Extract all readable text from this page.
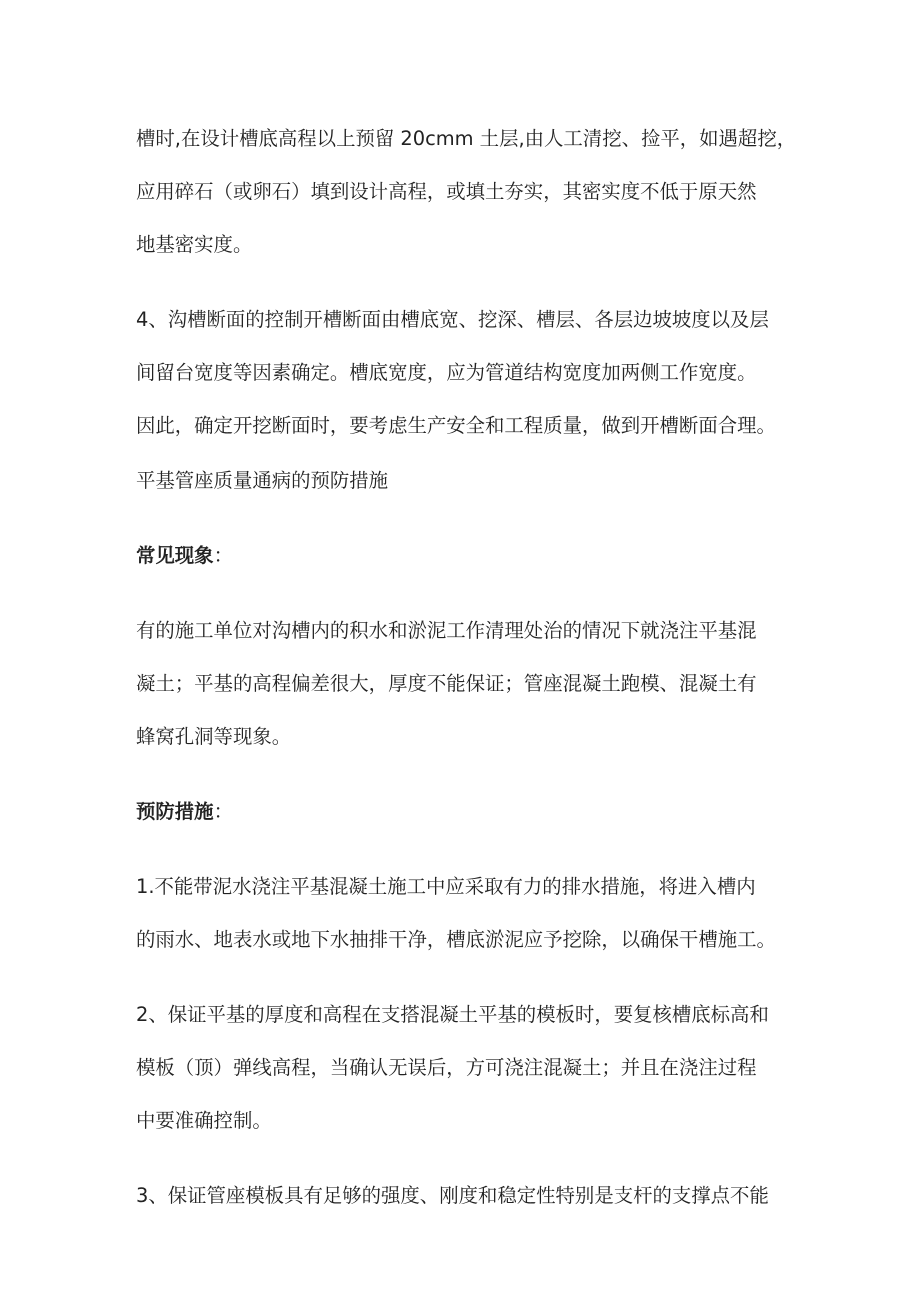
槽时,在设计槽底高程以上预留 20cmm 土层,由人工清挖、捡平，如遇超挖，
应用碎石（或卵石）填到设计高程，或填土夯实，其密实度不低于原天然
地基密实度。
4、沟槽断面的控制开槽断面由槽底宽、挖深、槽层、各层边坡坡度以及层
间留台宽度等因素确定。槽底宽度，应为管道结构宽度加两侧工作宽度。
因此，确定开挖断面时，要考虑生产安全和工程质量，做到开槽断面合理。
平基管座质量通病的预防措施
常见现象：
有的施工单位对沟槽内的积水和淤泥工作清理处治的情况下就浇注平基混
凝土；平基的高程偏差很大，厚度不能保证；管座混凝土跑模、混凝土有
蜂窝孔洞等现象。
预防措施：
1.不能带泥水浇注平基混凝土施工中应采取有力的排水措施，将进入槽内
的雨水、地表水或地下水抽排干净，槽底淤泥应予挖除，以确保干槽施工。
2、保证平基的厚度和高程在支搭混凝土平基的模板时，要复核槽底标高和
模板（顶）弹线高程，当确认无误后，方可浇注混凝土；并且在浇注过程
中要准确控制。
3、保证管座模板具有足够的强度、刚度和稳定性特别是支杆的支撑点不能
